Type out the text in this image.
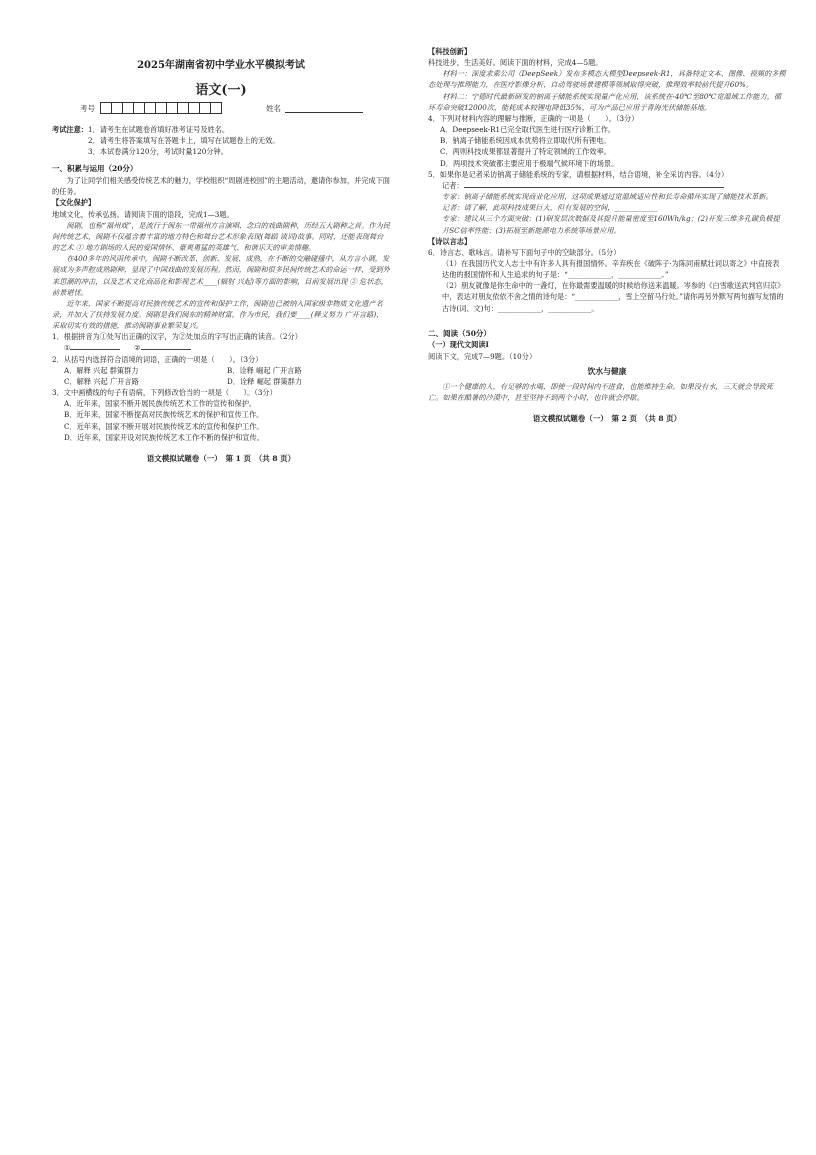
2025年湖南省初中学业水平模拟考试
语文(一)
考号	姓名
考试注意：1．请考生在试题卷首填好准考证号及姓名。
2．请考生将答案填写在答题卡上，填写在试题卷上的无效。
3．本试卷满分120分，考试时量120分钟。
一、积累与运用（20分）
为了让同学们相关感受传统艺术的魅力，学校组织“周剧进校园”的主题活动，邀请你参加，并完成下面的任务。
【文化保护】
地域文化，传承弘扬。请阅读下面的语段，完成1—3题。
闽剧，也称“福州戏”，是流行于闽东一带福州方言演唱、念白的戏曲剧种，历经五大剧种之首。作为民间传统艺术，闽剧不仅蕴含着丰富的地方特色和舞台艺术形象表现(舞蹈 谈词)故事。同时，还能表现舞台的艺术 ① 地方剧场的人民的爱国情怀、豪爽勇猛的英雄气、和谐乐天的审美情趣。
在400多年的风雨传承中，闽剧不断改革、创新、发展、成熟，在不断的交融碰撞中，从方言小调，发展成为多声腔成熟剧种，显现了中国戏曲的发展历程。然而，闽剧和很多民间传统艺术的命运一样，受到外来思潮的冲击，以及艺术文化商品化和影视艺术____(辐射 兴起)等方面的影响，目前发展出现 ② 危状态，前景堪忧。
近年来，国家不断提高对民族传统艺术的宣传和保护工作，闽剧也已被纳入国家级非物质文化遗产名录，并加大了扶持发展力度。闽剧是我们闽东的精神财富，作为市民，我们要____(释义努力 广开言路)，采取切实有效的措施，推动闽剧事业繁荣复兴。
1．根据拼音为①处写出正确的汉字，为②处加点的字写出正确的读音。（2分）
①	②
2．从括号内选择符合语境的词语，正确的一项是（　　）。（3分）
A．解释 兴起 群策群力	B．诠释 崛起 广开言路
C．解释 兴起 广开言路	D．诠释 崛起 群策群力
3．文中画横线的句子有语病，下列修改恰当的一项是（　　）。（3分）
A．近年来，国家不断开展民族传统艺术工作的宣传和保护。
B．近年来，国家不断提高对民族传统艺术的保护和宣传工作。
C．近年来，国家不断开展对民族传统艺术的宣传和保护工作。
D．近年来，国家开设对民族传统艺术工作不断的保护和宣传。
语文模拟试题卷（一）　第 1 页　（共 8 页）
【科技创新】
科技进步，生活美好。阅读下面的材料，完成4—5题。
材料一：深度求索公司（DeepSeek）发布多模态大模型Deepseek-R1，具备特定文本、图像、视频的多模态处理与推理能力，在医疗影像分析、自动驾驶场景建模等领域取得突破，推理效率较前代提升60%。
材料二：宁德时代最新研发的钠离子储能系统实现量产化应用，该系统在-40℃至80℃宽温域工作能力，循环寿命突破12000次，能耗成本较锂电降低35%，可为产品已应用于青海光伏储能基地。
4．下列对材料内容的理解与推断，正确的一项是（　　）。（3分）
A．Deepseek-R1已完全取代医生进行医疗诊断工作。
B．钠离子储能系统因成本优势将立即取代所有锂电。
C．两则科技成果都显著提升了特定领域的工作效率。
D．两项技术突破都主要应用于极端气候环境下的场景。
5．如果你是记者采访钠离子储能系统的专家，请根据材料，结合语境，补全采访内容。（4分）
记者：
专家：钠离子储能系统实现商业化应用，这项成果通过宽温域适应性和长寿命循环实现了储能技术革新。
记者：请了解，此项科技成果巨大，但有发展的空间，____________
专家：建议从三个方面突破：(1)研发层次数据及其提升能量密度至160Wh/kg；(2)开发三维多孔碳负极提升SC倍率性能；(3)拓展至新能源电力系统等场景应用。
【诗以言志】
6．诗言志、歌咏言。请补写下面句子中的空缺部分。（5分）
（1）在我国历代文人志士中有许多人具有报国情怀。辛弃疾在《破阵子·为陈同甫赋壮词以寄之》中直接表达他的报国情怀和人生追求的句子是：“____________，____________。”
（2）朋友就像是你生命中的一盏灯，在你最需要温暖的时候给你送来温暖。岑参的《白雪歌送武判官归京》中，表达对朋友依依不舍之情的诗句是：“____________，雪上空留马行处。”请你再另外默写两句描写友情的古诗(词、文)句：____________，____________。
二、阅读（50分）
（一）现代文阅读Ⅰ
阅读下文，完成7—9题。（10分）
饮水与健康
①一个健康的人，有足够的水喝，即使一段时间内不进食，也能维持生命。如果没有水，三天就会导致死亡。如果在酷暑的沙漠中，甚至坚持不到两个小时，也许就会停歇。
语文模拟试题卷（一）　第 2 页　（共 8 页）
